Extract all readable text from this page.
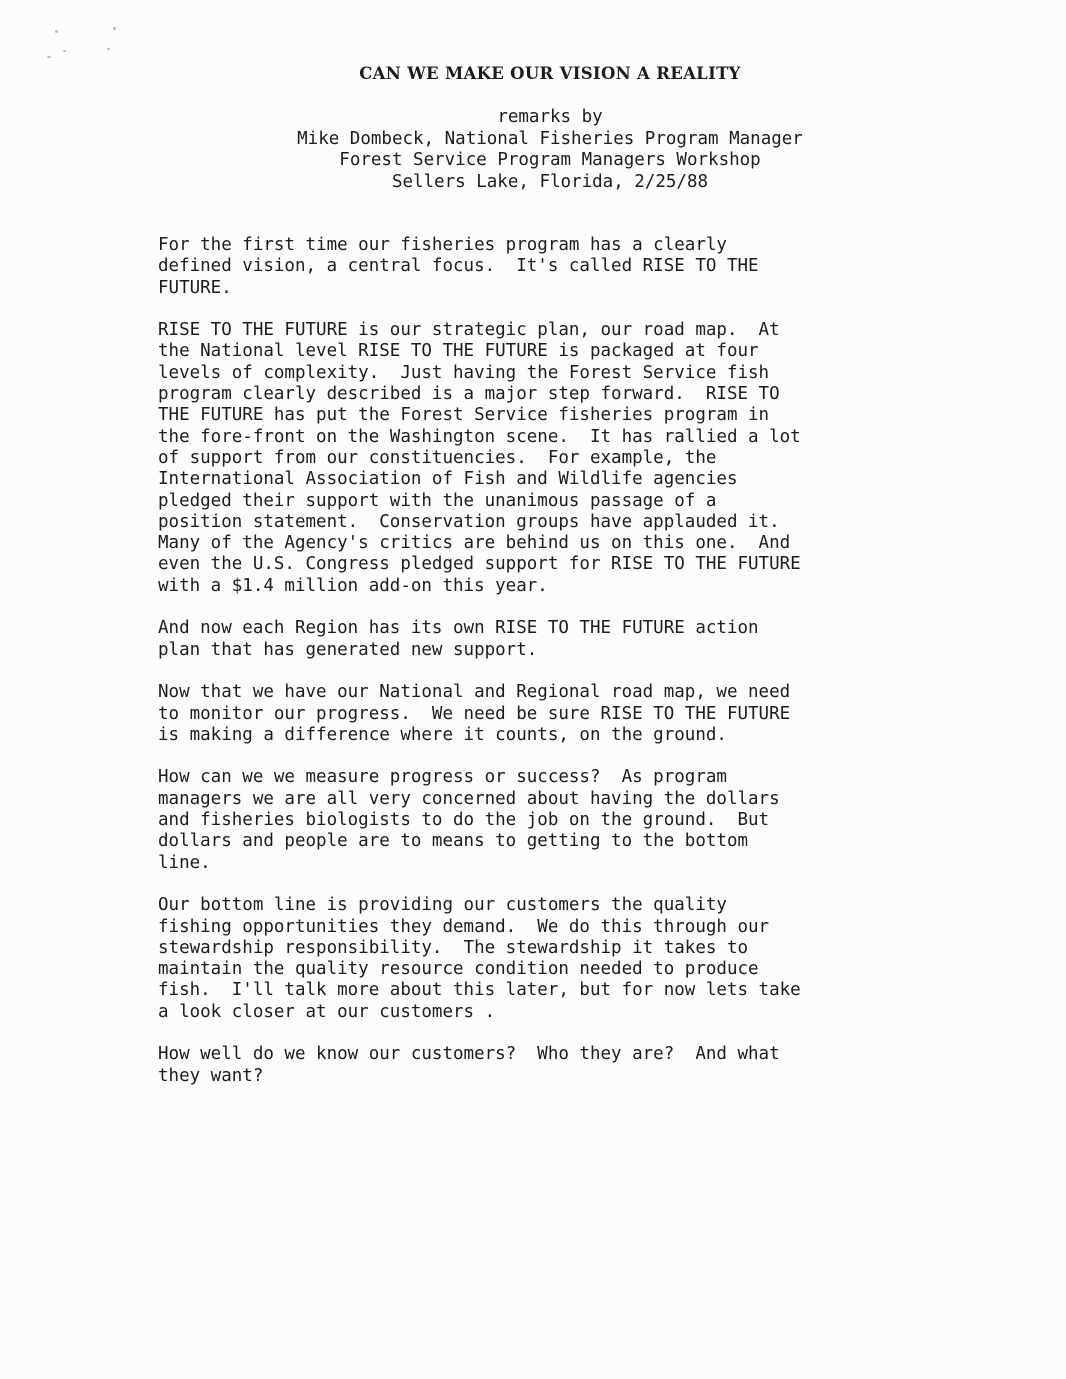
CAN WE MAKE OUR VISION A REALITY
remarks by
Mike Dombeck, National Fisheries Program Manager
Forest Service Program Managers Workshop
Sellers Lake, Florida, 2/25/88
For the first time our fisheries program has a clearly
defined vision, a central focus.  It's called RISE TO THE
FUTURE.
RISE TO THE FUTURE is our strategic plan, our road map.  At
the National level RISE TO THE FUTURE is packaged at four
levels of complexity.  Just having the Forest Service fish
program clearly described is a major step forward.  RISE TO
THE FUTURE has put the Forest Service fisheries program in
the fore-front on the Washington scene.  It has rallied a lot
of support from our constituencies.  For example, the
International Association of Fish and Wildlife agencies
pledged their support with the unanimous passage of a
position statement.  Conservation groups have applauded it.
Many of the Agency's critics are behind us on this one.  And
even the U.S. Congress pledged support for RISE TO THE FUTURE
with a $1.4 million add-on this year.
And now each Region has its own RISE TO THE FUTURE action
plan that has generated new support.
Now that we have our National and Regional road map, we need
to monitor our progress.  We need be sure RISE TO THE FUTURE
is making a difference where it counts, on the ground.
How can we we measure progress or success?  As program
managers we are all very concerned about having the dollars
and fisheries biologists to do the job on the ground.  But
dollars and people are to means to getting to the bottom
line.
Our bottom line is providing our customers the quality
fishing opportunities they demand.  We do this through our
stewardship responsibility.  The stewardship it takes to
maintain the quality resource condition needed to produce
fish.  I'll talk more about this later, but for now lets take
a look closer at our customers .
How well do we know our customers?  Who they are?  And what
they want?
